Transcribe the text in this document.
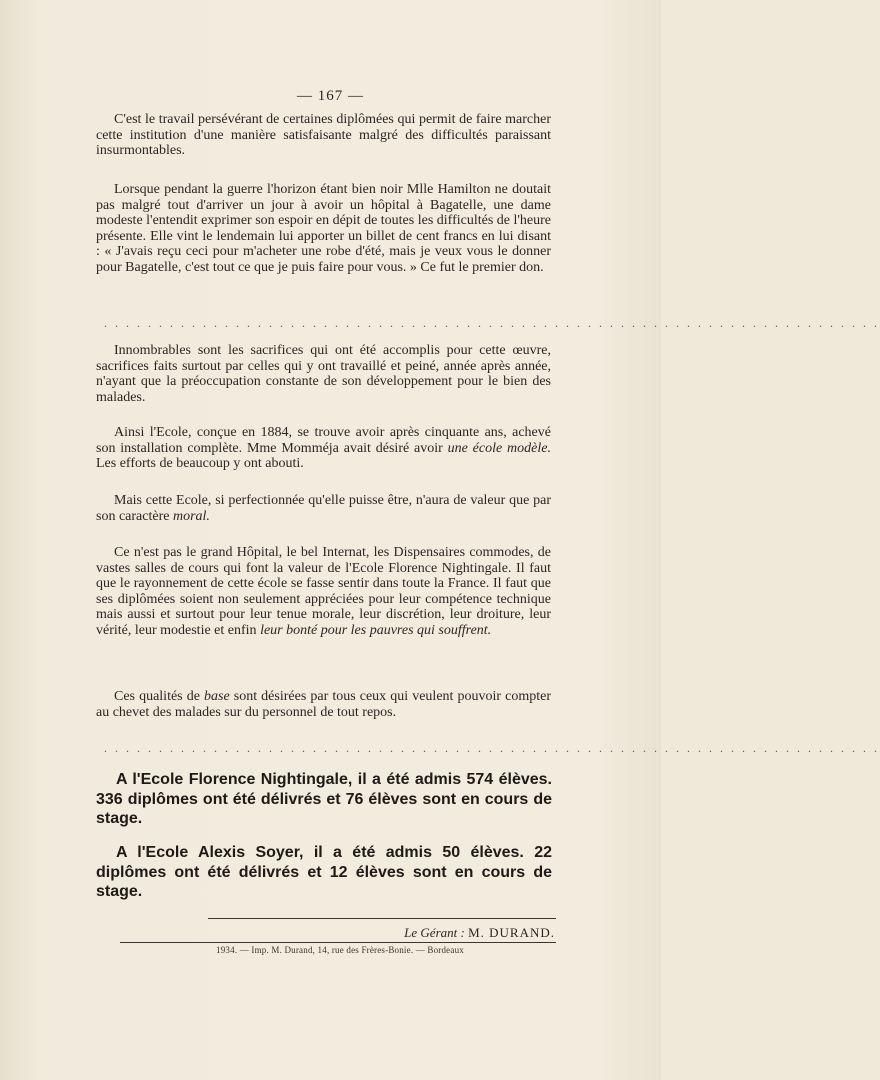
— 167 —

C'est le travail persévérant de certaines diplômées qui permit de faire marcher cette institution d'une manière satisfaisante malgré des difficultés paraissant insurmontables.

Lorsque pendant la guerre l'horizon étant bien noir Mlle Hamilton ne doutait pas malgré tout d'arriver un jour à avoir un hôpital à Bagatelle, une dame modeste l'entendit exprimer son espoir en dépit de toutes les difficultés de l'heure présente. Elle vint le lendemain lui apporter un billet de cent francs en lui disant : « J'avais reçu ceci pour m'acheter une robe d'été, mais je veux vous le donner pour Bagatelle, c'est tout ce que je puis faire pour vous. » Ce fut le premier don.

. . . . . . . . . . . . . . . . . . . . . . . . . . . . . . . . . . . . . . . . . . . . . . . . . . . . . . . . . . . . . . . . . . . . . . .

Innombrables sont les sacrifices qui ont été accomplis pour cette œuvre, sacrifices faits surtout par celles qui y ont travaillé et peiné, année après année, n'ayant que la préoccupation constante de son développement pour le bien des malades.

Ainsi l'Ecole, conçue en 1884, se trouve avoir après cinquante ans, achevé son installation complète. Mme Momméja avait désiré avoir une école modèle. Les efforts de beaucoup y ont abouti.

Mais cette Ecole, si perfectionnée qu'elle puisse être, n'aura de valeur que par son caractère moral.

Ce n'est pas le grand Hôpital, le bel Internat, les Dispensaires commodes, de vastes salles de cours qui font la valeur de l'Ecole Florence Nightingale. Il faut que le rayonnement de cette école se fasse sentir dans toute la France. Il faut que ses diplômées soient non seulement appréciées pour leur compétence technique mais aussi et surtout pour leur tenue morale, leur discrétion, leur droiture, leur vérité, leur modestie et enfin leur bonté pour les pauvres qui souffrent.

Ces qualités de base sont désirées par tous ceux qui veulent pouvoir compter au chevet des malades sur du personnel de tout repos.

. . . . . . . . . . . . . . . . . . . . . . . . . . . . . . . . . . . . . . . . . . . . . . . . . . . . . . . . . . . . . . . . . . . . . . .

A l'Ecole Florence Nightingale, il a été admis 574 élèves. 336 diplômes ont été délivrés et 76 élèves sont en cours de stage.

A l'Ecole Alexis Soyer, il a été admis 50 élèves. 22 diplômes ont été délivrés et 12 élèves sont en cours de stage.

Le Gérant : M. DURAND.
1934. — Imp. M. Durand, 14, rue des Frères-Bonie. — Bordeaux
